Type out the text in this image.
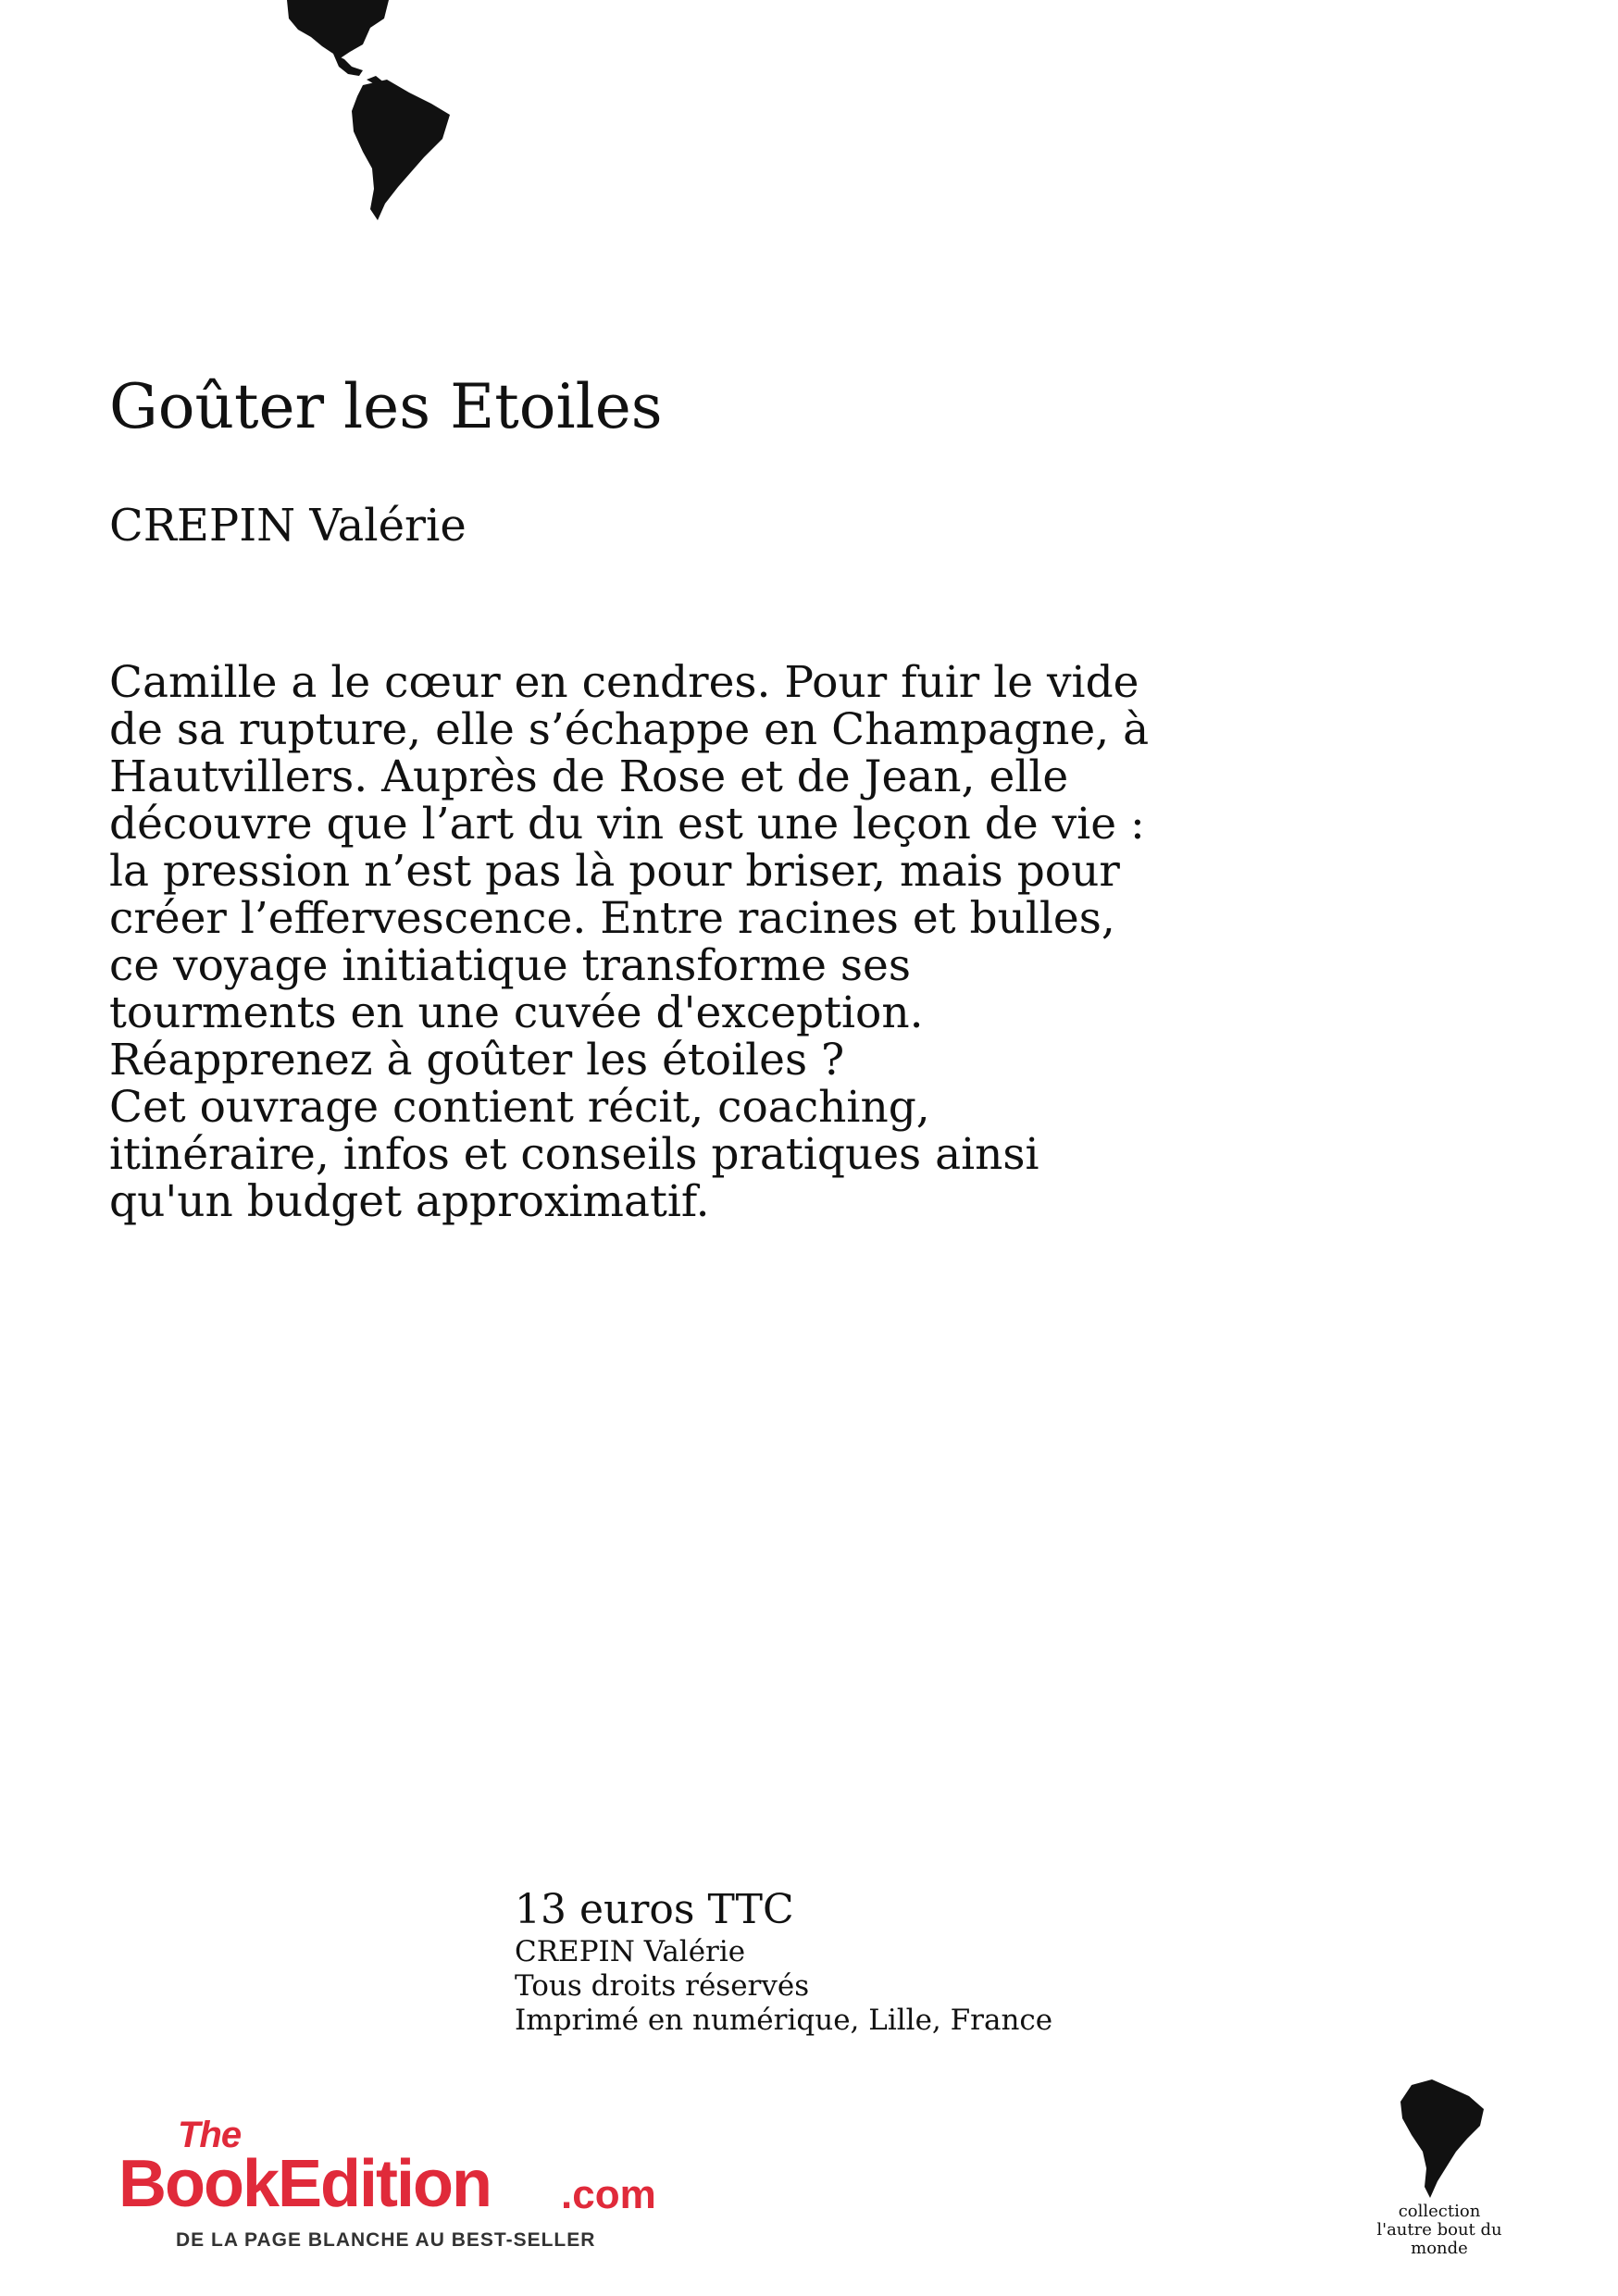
Goûter les Etoiles
CREPIN Valérie

Camille a le cœur en cendres. Pour fuir le vide
de sa rupture, elle s’échappe en Champagne, à
Hautvillers. Auprès de Rose et de Jean, elle
découvre que l’art du vin est une leçon de vie :
la pression n’est pas là pour briser, mais pour
créer l’effervescence. Entre racines et bulles,
ce voyage initiatique transforme ses
tourments en une cuvée d'exception.
Réapprenez à goûter les étoiles ?
Cet ouvrage contient récit, coaching,
itinéraire, infos et conseils pratiques ainsi
qu'un budget approximatif.

13 euros TTC

CREPIN Valérie

Tous droits réservés

Imprimé en numérique, Lille, France

The
BookEdition .com
DE LA PAGE BLANCHE AU BEST-SELLER

collection

l'autre bout du monde
